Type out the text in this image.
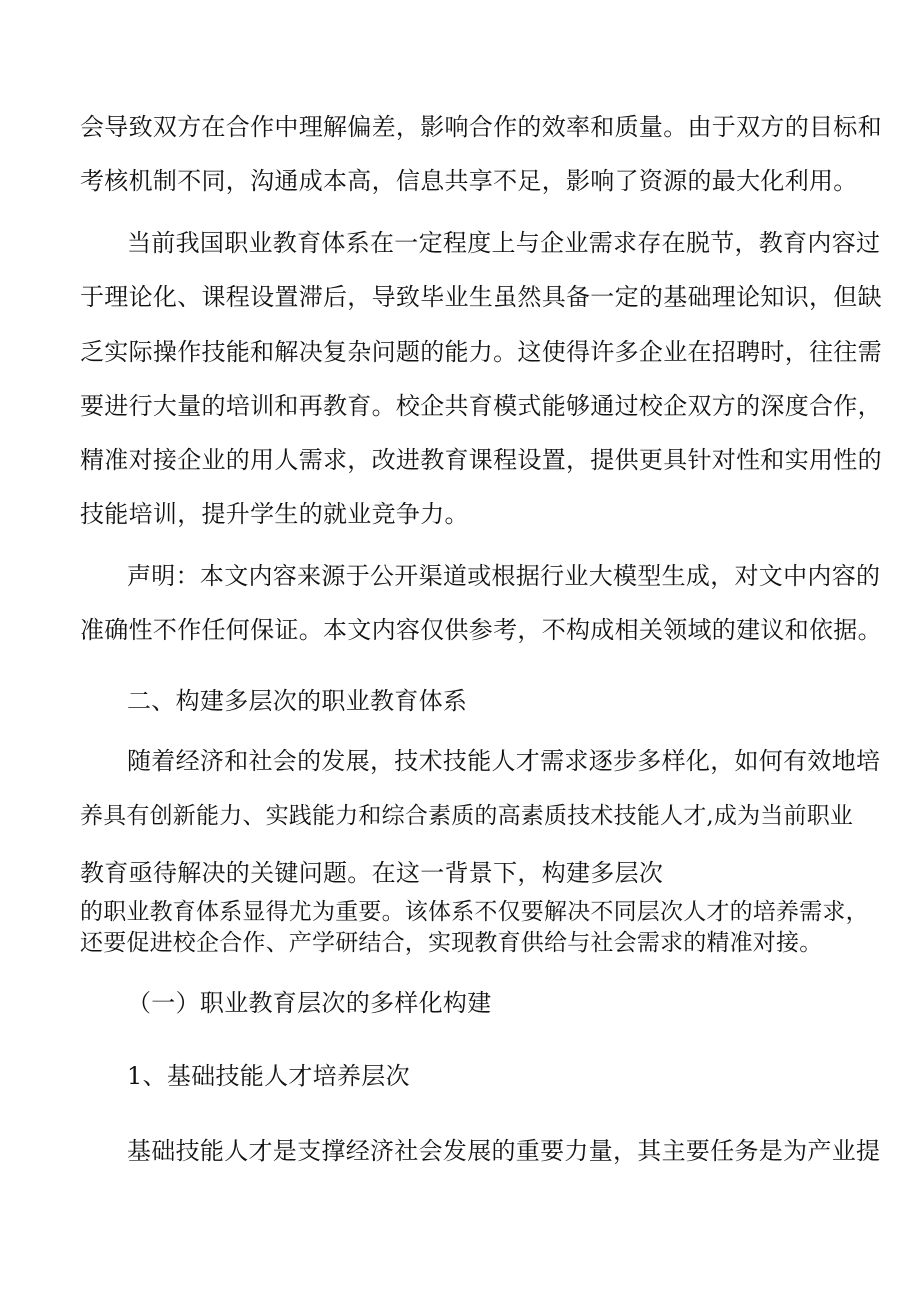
会导致双方在合作中理解偏差，影响合作的效率和质量。由于双方的目标和
考核机制不同，沟通成本高，信息共享不足，影响了资源的最大化利用。
当前我国职业教育体系在一定程度上与企业需求存在脱节，教育内容过
于理论化、课程设置滞后，导致毕业生虽然具备一定的基础理论知识，但缺
乏实际操作技能和解决复杂问题的能力。这使得许多企业在招聘时，往往需
要进行大量的培训和再教育。校企共育模式能够通过校企双方的深度合作，
精准对接企业的用人需求，改进教育课程设置，提供更具针对性和实用性的
技能培训，提升学生的就业竞争力。
声明：本文内容来源于公开渠道或根据行业大模型生成，对文中内容的
准确性不作任何保证。本文内容仅供参考，不构成相关领域的建议和依据。
二、构建多层次的职业教育体系
随着经济和社会的发展，技术技能人才需求逐步多样化，如何有效地培
养具有创新能力、实践能力和综合素质的高素质技术技能人才,成为当前职业
教育亟待解决的关键问题。在这一背景下，构建多层次
的职业教育体系显得尤为重要。该体系不仅要解决不同层次人才的培养需求，
还要促进校企合作、产学研结合，实现教育供给与社会需求的精准对接。
（一）职业教育层次的多样化构建
1、基础技能人才培养层次
基础技能人才是支撑经济社会发展的重要力量，其主要任务是为产业提
